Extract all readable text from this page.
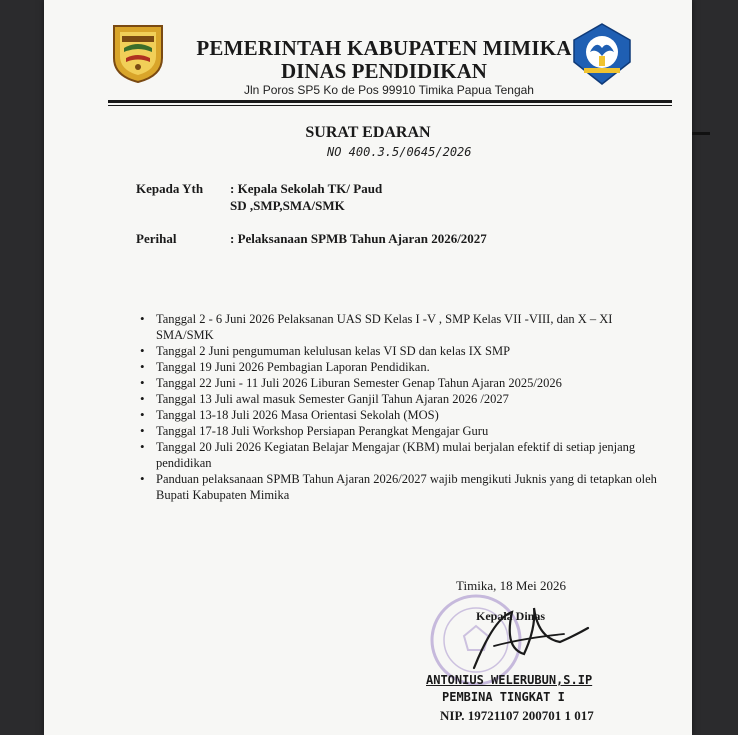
PEMERINTAH KABUPATEN MIMIKA
DINAS PENDIDIKAN
Jln Poros SP5 Ko de Pos 99910 Timika Papua Tengah
SURAT EDARAN
NO 400.3.5/0645/2026
Kepada Yth : Kepala Sekolah TK/ Paud
SD ,SMP,SMA/SMK
Perihal	: Pelaksanaan SPMB Tahun Ajaran 2026/2027
• Tanggal 2 - 6 Juni 2026 Pelaksanan UAS SD Kelas I -V , SMP Kelas VII -VIII, dan X – XI SMA/SMK
• Tanggal 2 Juni pengumuman kelulusan kelas VI SD dan kelas IX SMP
• Tanggal 19 Juni 2026 Pembagian Laporan Pendidikan.
• Tanggal 22 Juni - 11 Juli 2026 Liburan Semester Genap Tahun Ajaran 2025/2026
• Tanggal 13 Juli awal masuk Semester Ganjil Tahun Ajaran 2026 /2027
• Tanggal 13-18 Juli 2026 Masa Orientasi Sekolah (MOS)
• Tanggal 17-18 Juli Workshop Persiapan Perangkat Mengajar Guru
• Tanggal 20 Juli 2026 Kegiatan Belajar Mengajar (KBM) mulai berjalan efektif di setiap jenjang pendidikan
• Panduan pelaksanaan SPMB Tahun Ajaran 2026/2027 wajib mengikuti Juknis yang di tetapkan oleh Bupati Kabupaten Mimika
Timika, 18 Mei 2026
Kepala Dinas
ANTONIUS WELERUBUN,S.IP
PEMBINA TINGKAT I
NIP. 19721107 200701 1 017
